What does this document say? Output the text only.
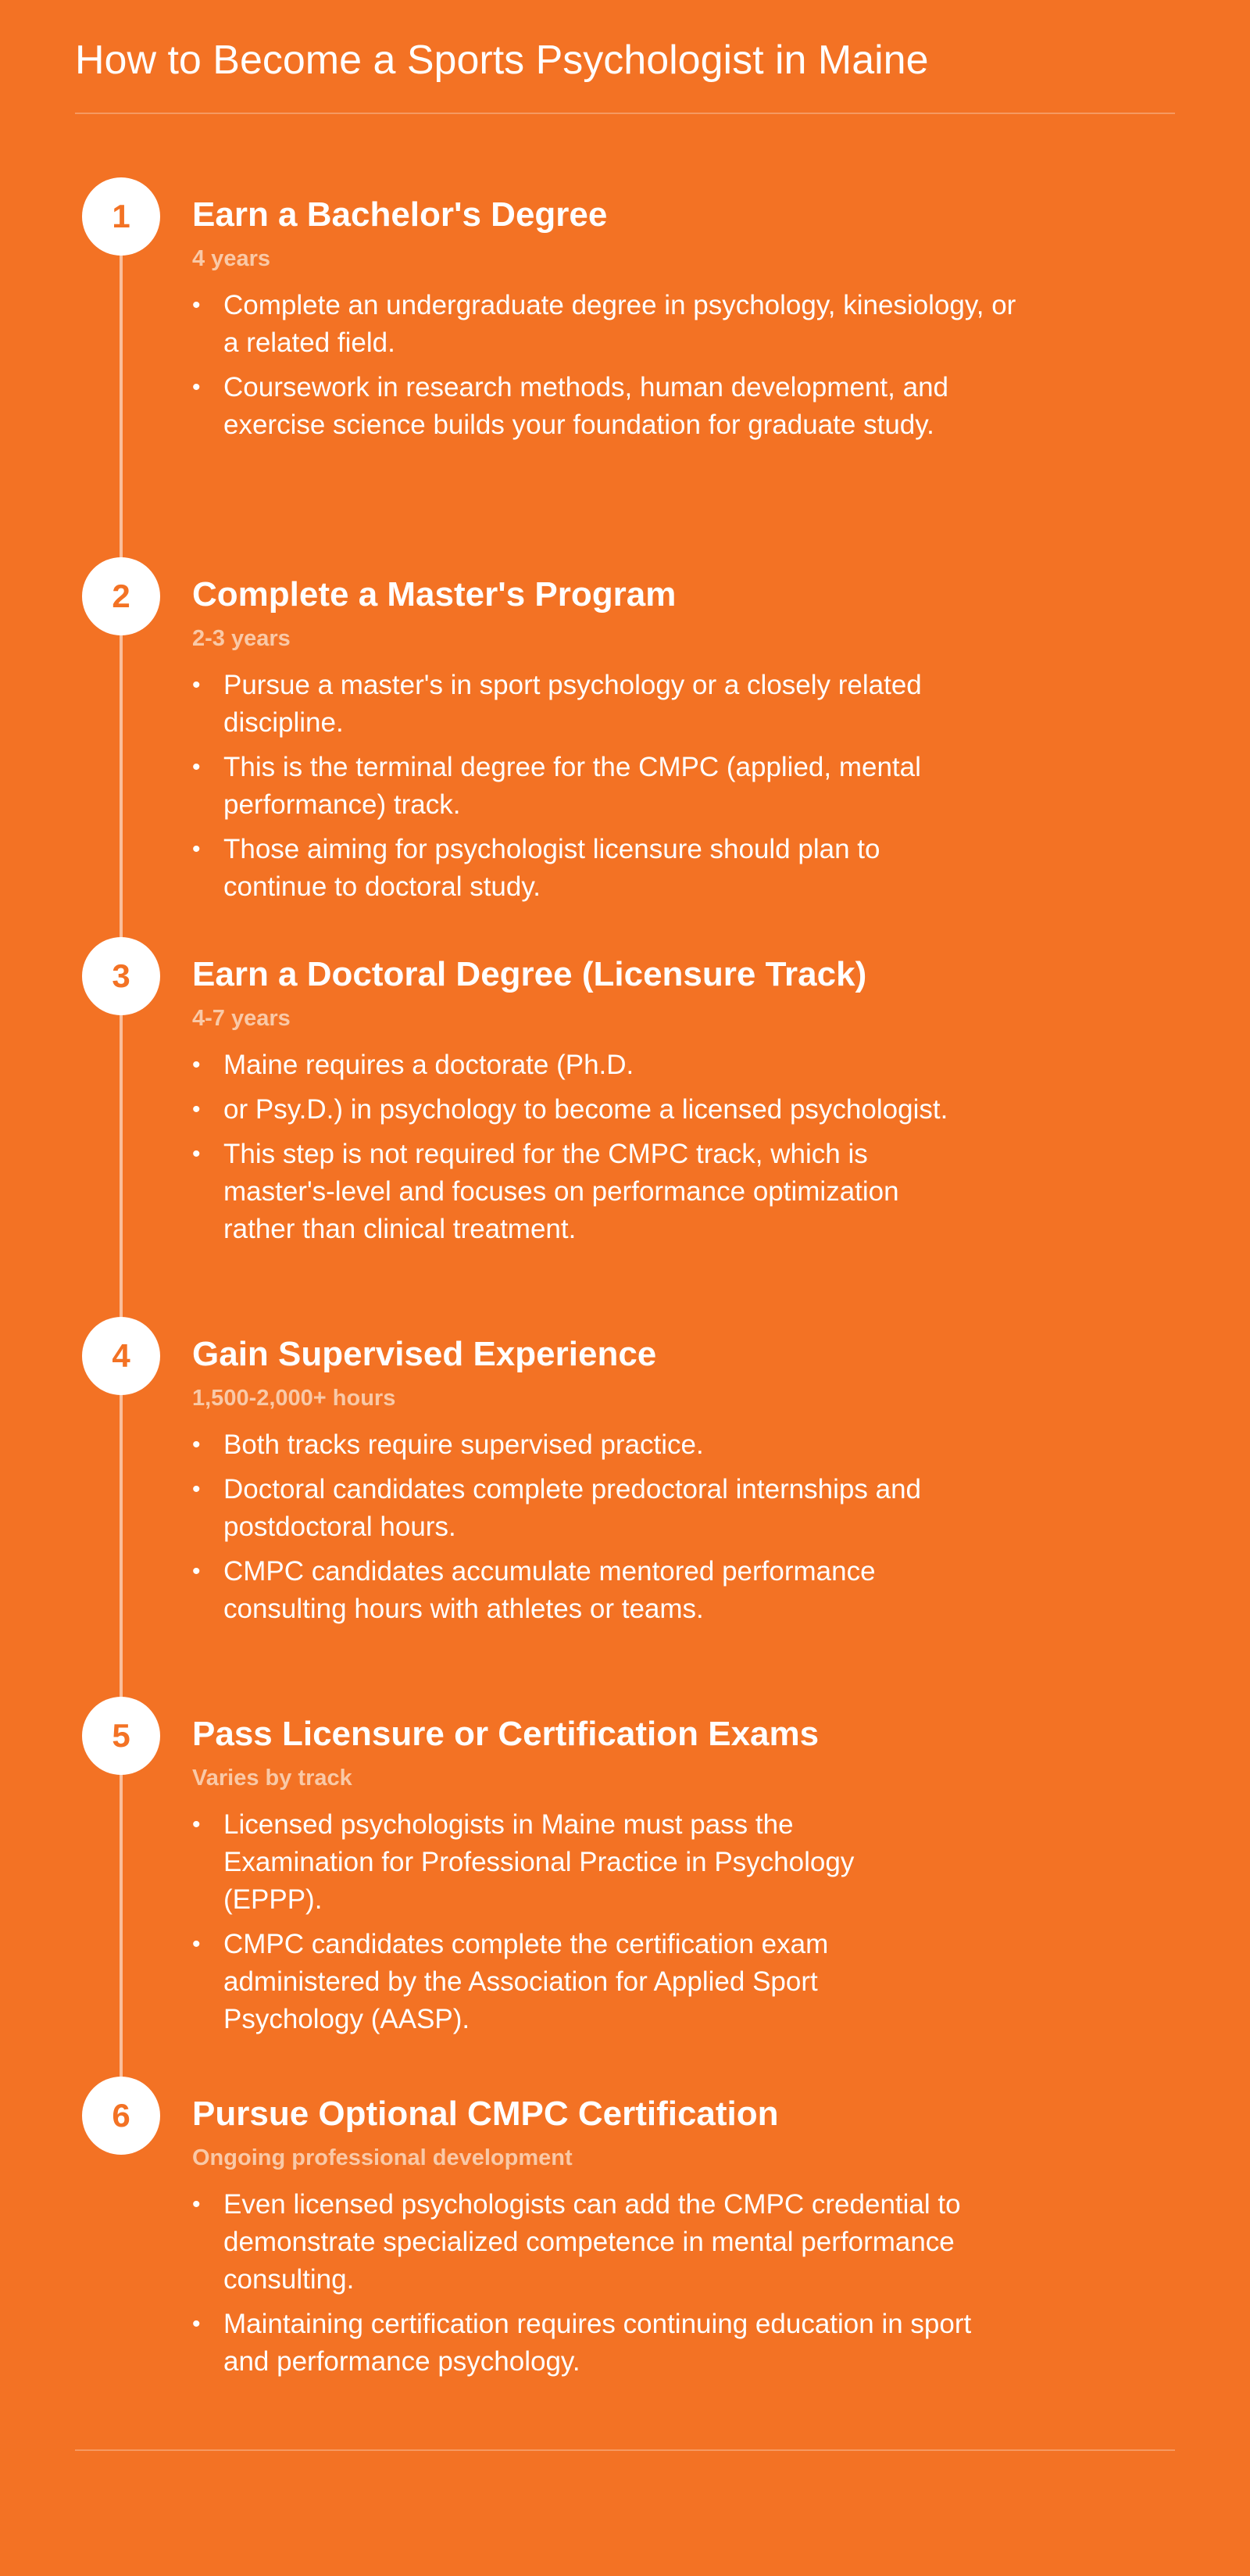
How to Become a Sports Psychologist in Maine
1	Earn a Bachelor's Degree
4 years
• Complete an undergraduate degree in psychology, kinesiology, or a related field.
• Coursework in research methods, human development, and exercise science builds your foundation for graduate study.
2	Complete a Master's Program
2-3 years
• Pursue a master's in sport psychology or a closely related discipline.
• This is the terminal degree for the CMPC (applied, mental performance) track.
• Those aiming for psychologist licensure should plan to continue to doctoral study.
3	Earn a Doctoral Degree (Licensure Track)
4-7 years
• Maine requires a doctorate (Ph.D.
• or Psy.D.) in psychology to become a licensed psychologist.
• This step is not required for the CMPC track, which is master's-level and focuses on performance optimization rather than clinical treatment.
4	Gain Supervised Experience
1,500-2,000+ hours
• Both tracks require supervised practice.
• Doctoral candidates complete predoctoral internships and postdoctoral hours.
• CMPC candidates accumulate mentored performance consulting hours with athletes or teams.
5	Pass Licensure or Certification Exams
Varies by track
• Licensed psychologists in Maine must pass the Examination for Professional Practice in Psychology (EPPP).
• CMPC candidates complete the certification exam administered by the Association for Applied Sport Psychology (AASP).
6	Pursue Optional CMPC Certification
Ongoing professional development
• Even licensed psychologists can add the CMPC credential to demonstrate specialized competence in mental performance consulting.
• Maintaining certification requires continuing education in sport and performance psychology.
